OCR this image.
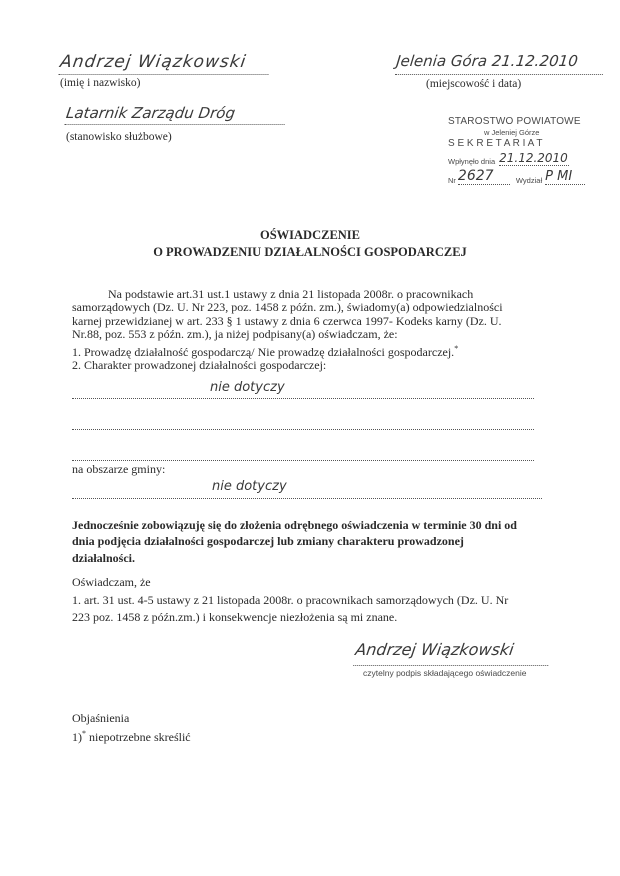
Andrzej Wiązkowski
(imię i nazwisko)
Latarnik Zarządu Dróg
(stanowisko służbowe)
Jelenia Góra 21.12.2010
(miejscowość i data)
STAROSTWO POWIATOWE
w Jeleniej Górze
S E K R E T A R I A T
Wpłynęło dnia 21.12.2010
Nr 2627	Wydział P MI
OŚWIADCZENIE
O PROWADZENIU DZIAŁALNOŚCI GOSPODARCZEJ
Na podstawie art.31 ust.1 ustawy z dnia 21 listopada 2008r. o pracownikach
samorządowych (Dz. U. Nr 223, poz. 1458 z późn. zm.), świadomy(a) odpowiedzialności
karnej przewidzianej w art. 233 § 1 ustawy z dnia 6 czerwca 1997- Kodeks karny (Dz. U.
Nr.88, poz. 553 z późn. zm.), ja niżej podpisany(a) oświadczam, że:
1. Prowadzę działalność gospodarczą/ Nie prowadzę działalności gospodarczej.*
2. Charakter prowadzonej działalności gospodarczej:
nie dotyczy
na obszarze gminy:
nie dotyczy
Jednocześnie zobowiązuję się do złożenia odrębnego oświadczenia w terminie 30 dni od
dnia podjęcia działalności gospodarczej lub zmiany charakteru prowadzonej
działalności.
Oświadczam, że
1. art. 31 ust. 4-5 ustawy z 21 listopada 2008r. o pracownikach samorządowych (Dz. U. Nr
223 poz. 1458 z późn.zm.) i konsekwencje niezłożenia są mi znane.
Andrzej Wiązkowski
czytelny podpis składającego oświadczenie
Objaśnienia
1)* niepotrzebne skreślić
